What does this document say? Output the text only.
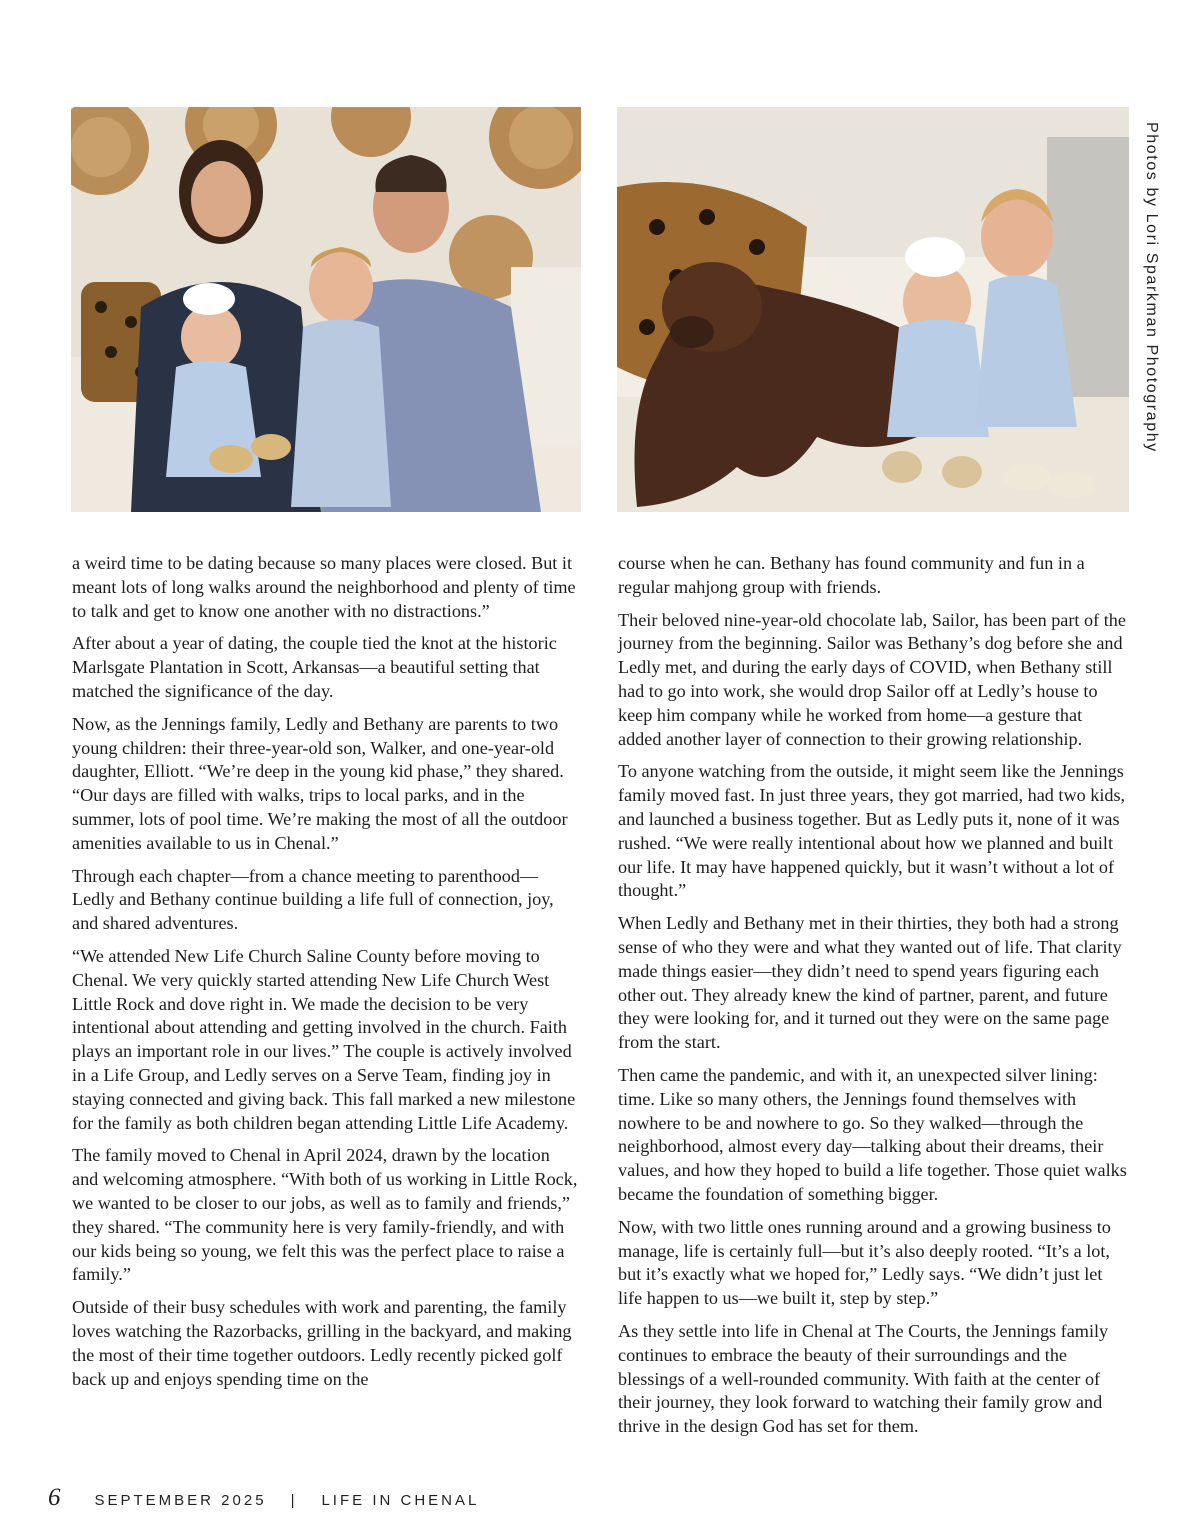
Photos by Lori Sparkman Photography

a weird time to be dating because so many places were closed. But it meant lots of long walks around the neighborhood and plenty of time to talk and get to know one another with no distractions.”

After about a year of dating, the couple tied the knot at the historic Marlsgate Plantation in Scott, Arkansas—a beautiful setting that matched the significance of the day.

Now, as the Jennings family, Ledly and Bethany are parents to two young children: their three-year-old son, Walker, and one-year-old daughter, Elliott. “We’re deep in the young kid phase,” they shared. “Our days are filled with walks, trips to local parks, and in the summer, lots of pool time. We’re making the most of all the outdoor amenities available to us in Chenal.”

Through each chapter—from a chance meeting to parenthood—Ledly and Bethany continue building a life full of connection, joy, and shared adventures.

“We attended New Life Church Saline County before moving to Chenal. We very quickly started attending New Life Church West Little Rock and dove right in. We made the decision to be very intentional about attending and getting involved in the church. Faith plays an important role in our lives.” The couple is actively involved in a Life Group, and Ledly serves on a Serve Team, finding joy in staying connected and giving back. This fall marked a new milestone for the family as both children began attending Little Life Academy.

The family moved to Chenal in April 2024, drawn by the location and welcoming atmosphere. “With both of us working in Little Rock, we wanted to be closer to our jobs, as well as to family and friends,” they shared. “The community here is very family-friendly, and with our kids being so young, we felt this was the perfect place to raise a family.”

Outside of their busy schedules with work and parenting, the family loves watching the Razorbacks, grilling in the backyard, and making the most of their time together outdoors. Ledly recently picked golf back up and enjoys spending time on the

course when he can. Bethany has found community and fun in a regular mahjong group with friends.

Their beloved nine-year-old chocolate lab, Sailor, has been part of the journey from the beginning. Sailor was Bethany’s dog before she and Ledly met, and during the early days of COVID, when Bethany still had to go into work, she would drop Sailor off at Ledly’s house to keep him company while he worked from home—a gesture that added another layer of connection to their growing relationship.

To anyone watching from the outside, it might seem like the Jennings family moved fast. In just three years, they got married, had two kids, and launched a business together. But as Ledly puts it, none of it was rushed. “We were really intentional about how we planned and built our life. It may have happened quickly, but it wasn’t without a lot of thought.”

When Ledly and Bethany met in their thirties, they both had a strong sense of who they were and what they wanted out of life. That clarity made things easier—they didn’t need to spend years figuring each other out. They already knew the kind of partner, parent, and future they were looking for, and it turned out they were on the same page from the start.

Then came the pandemic, and with it, an unexpected silver lining: time. Like so many others, the Jennings found themselves with nowhere to be and nowhere to go. So they walked—through the neighborhood, almost every day—talking about their dreams, their values, and how they hoped to build a life together. Those quiet walks became the foundation of something bigger.

Now, with two little ones running around and a growing business to manage, life is certainly full—but it’s also deeply rooted. “It’s a lot, but it’s exactly what we hoped for,” Ledly says. “We didn’t just let life happen to us—we built it, step by step.”

As they settle into life in Chenal at The Courts, the Jennings family continues to embrace the beauty of their surroundings and the blessings of a well-rounded community. With faith at the center of their journey, they look forward to watching their family grow and thrive in the design God has set for them.

6 SEPTEMBER 2025 | LIFE IN CHENAL
